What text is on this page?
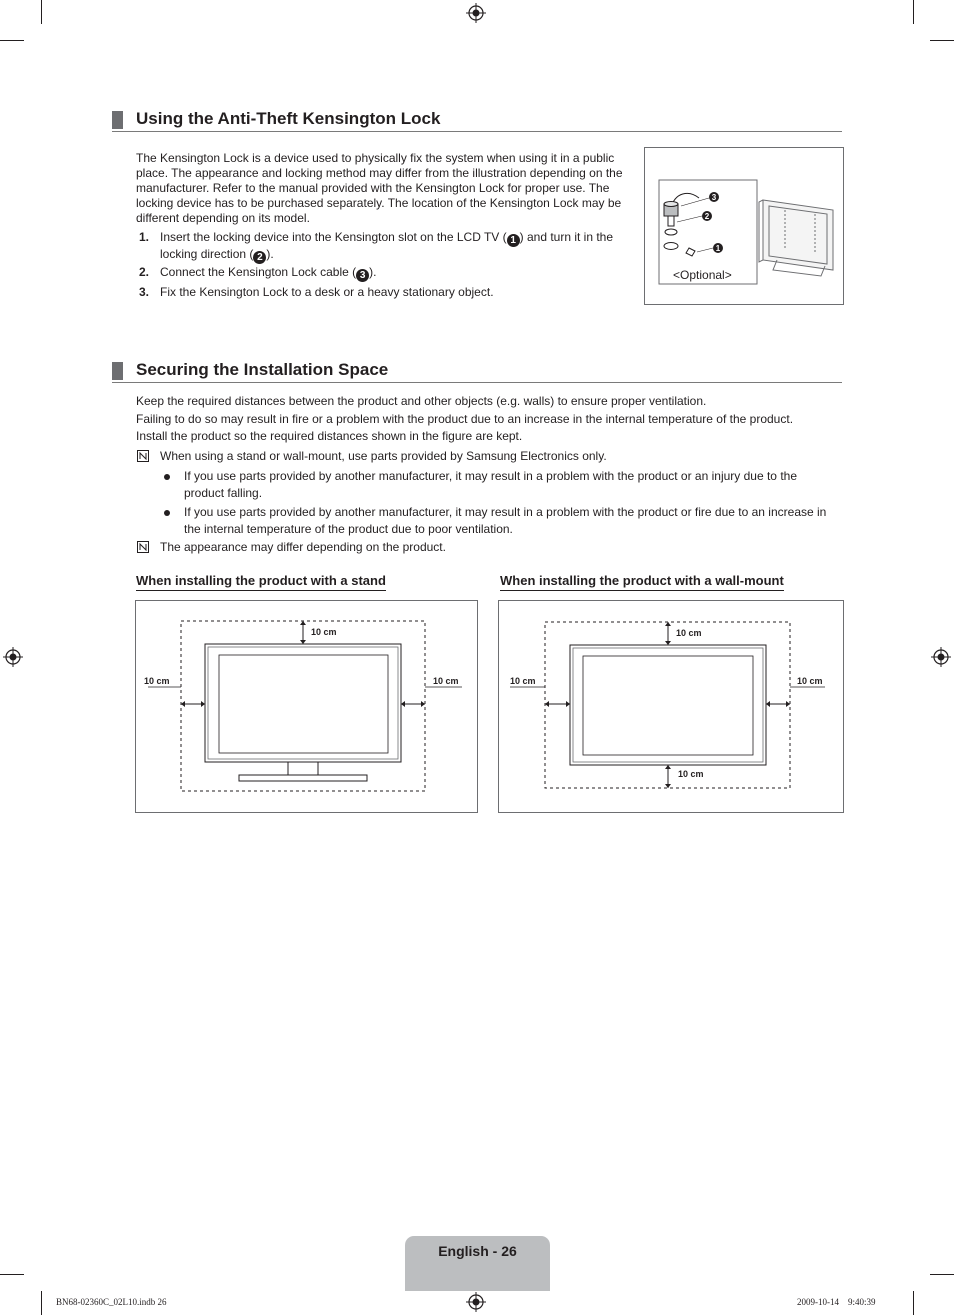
Using the Anti-Theft Kensington Lock
The Kensington Lock is a device used to physically fix the system when using it in a public place. The appearance and locking method may differ from the illustration depending on the manufacturer. Refer to the manual provided with the Kensington Lock for proper use. The locking device has to be purchased separately. The location of the Kensington Lock may be different depending on its model.
1. Insert the locking device into the Kensington slot on the LCD TV ( 1 ) and turn it in the locking direction ( 2 ).
2. Connect the Kensington Lock cable ( 3 ).
3. Fix the Kensington Lock to a desk or a heavy stationary object.
3
2
1
<Optional>
Securing the Installation Space
Keep the required distances between the product and other objects (e.g. walls) to ensure proper ventilation.
Failing to do so may result in fire or a problem with the product due to an increase in the internal temperature of the product.
Install the product so the required distances shown in the figure are kept.
When using a stand or wall-mount, use parts provided by Samsung Electronics only.
If you use parts provided by another manufacturer, it may result in a problem with the product or an injury due to the product falling.
If you use parts provided by another manufacturer, it may result in a problem with the product or fire due to an increase in the internal temperature of the product due to poor ventilation.
The appearance may differ depending on the product.
When installing the product with a stand
10 cm
10 cm	10 cm
When installing the product with a wall-mount
10 cm
10 cm
10 cm	10 cm
English - 26
BN68-02360C_02L10.indb 26	2009-10-14    9:40:39
